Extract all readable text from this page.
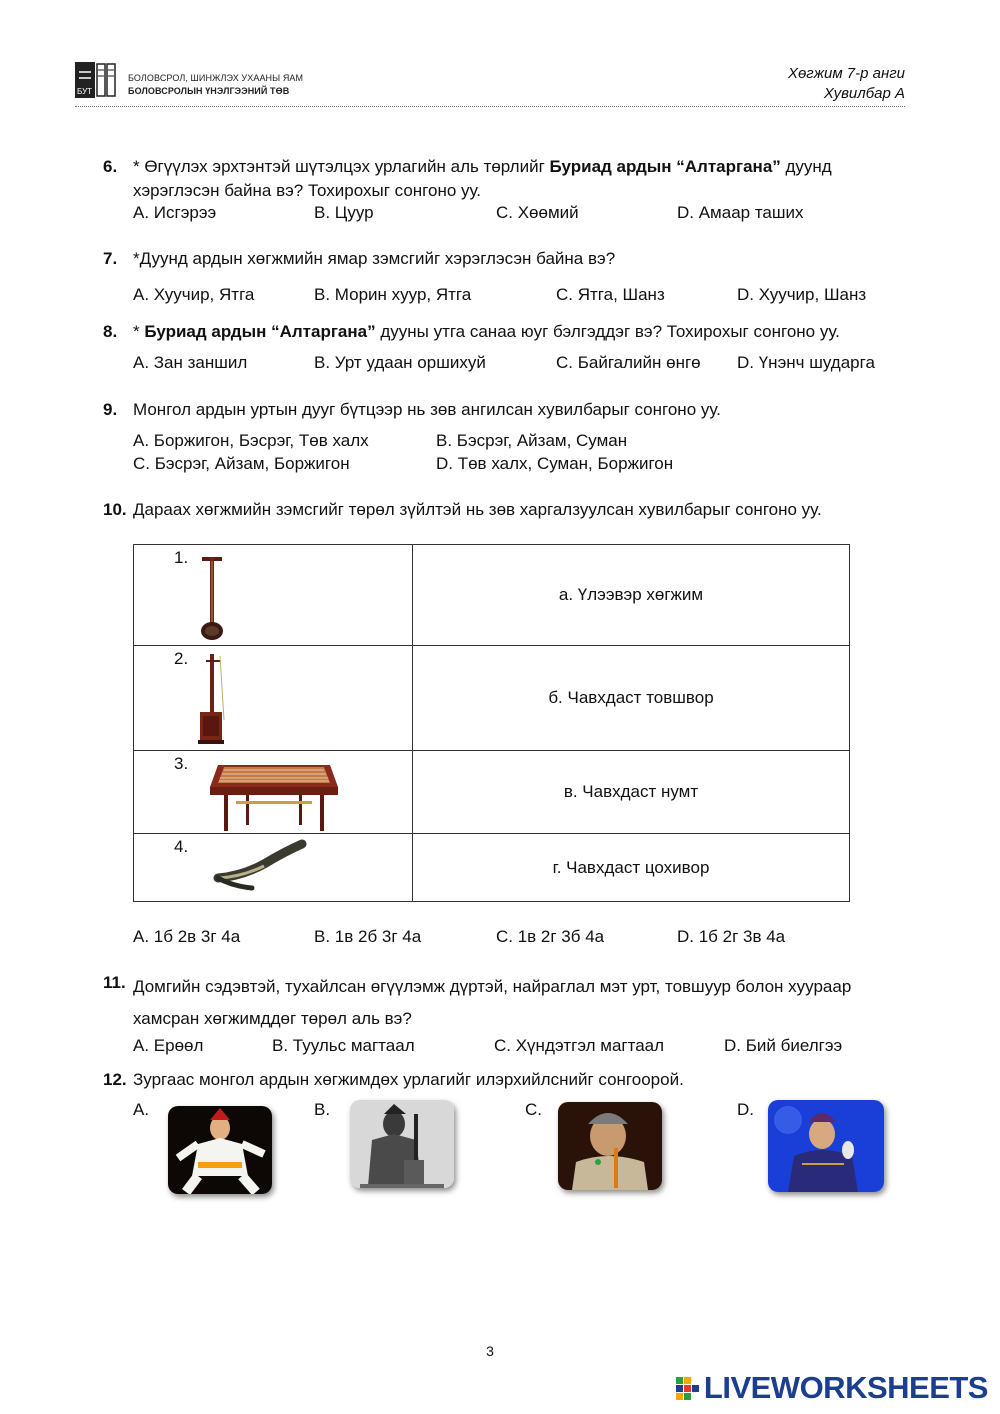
БУТ
БОЛОВСРОЛ, ШИНЖЛЭХ УХААНЫ ЯАМ
БОЛОВСРОЛЫН ҮНЭЛГЭЭНИЙ ТӨВ
Хөгжим 7-р анги
Хувилбар А
6. * Өгүүлэх эрхтэнтэй шүтэлцэх урлагийн аль төрлийг Буриад ардын “Алтаргана” дуунд
хэрэглэсэн байна вэ? Тохирохыг сонгоно уу.
A. Исгэрээ	B. Цуур	C. Хөөмий	D. Амаар таших
7. *Дуунд ардын хөгжмийн ямар зэмсгийг хэрэглэсэн байна вэ?
A. Хуучир, Ятга	B. Морин хуур, Ятга	C. Ятга, Шанз	D. Хуучир, Шанз
8. * Буриад ардын “Алтаргана” дууны утга санаа юуг бэлгэддэг вэ? Тохирохыг сонгоно уу.
A. Зан заншил	B. Урт удаан оршихуй	C. Байгалийн өнгө D. Үнэнч шударга
9. Монгол ардын уртын дууг бүтцээр нь зөв ангилсан хувилбарыг сонгоно уу.
A. Боржигон, Бэсрэг, Төв халх	B. Бэсрэг, Айзам, Суман
C. Бэсрэг, Айзам, Боржигон	D. Төв халх, Суман, Боржигон
10. Дараах хөгжмийн зэмсгийг төрөл зүйлтэй нь зөв харгалзуулсан хувилбарыг сонгоно уу.
1.	а. Үлээвэр хөгжим

2.	б. Чавхдаст товшвор

3.	в. Чавхдаст нумт

4.	г. Чавхдаст цохивор
A. 1б 2в 3г 4а	B. 1в 2б 3г 4а	C. 1в 2г 3б 4а	D. 1б 2г 3в 4а
11. Домгийн сэдэвтэй, тухайлсан өгүүлэмж дүртэй, найраглал мэт урт, товшуур болон хуураар
хамсран хөгжимддөг төрөл аль вэ?
A. Ерөөл	B. Туульс магтаал	C. Хүндэтгэл магтаал	D. Бий биелгээ
12. Зургаас монгол ардын хөгжимдөх урлагийг илэрхийлснийг сонгоорой.
A.	B.	C.	D.
3
LIVEWORKSHEETS
